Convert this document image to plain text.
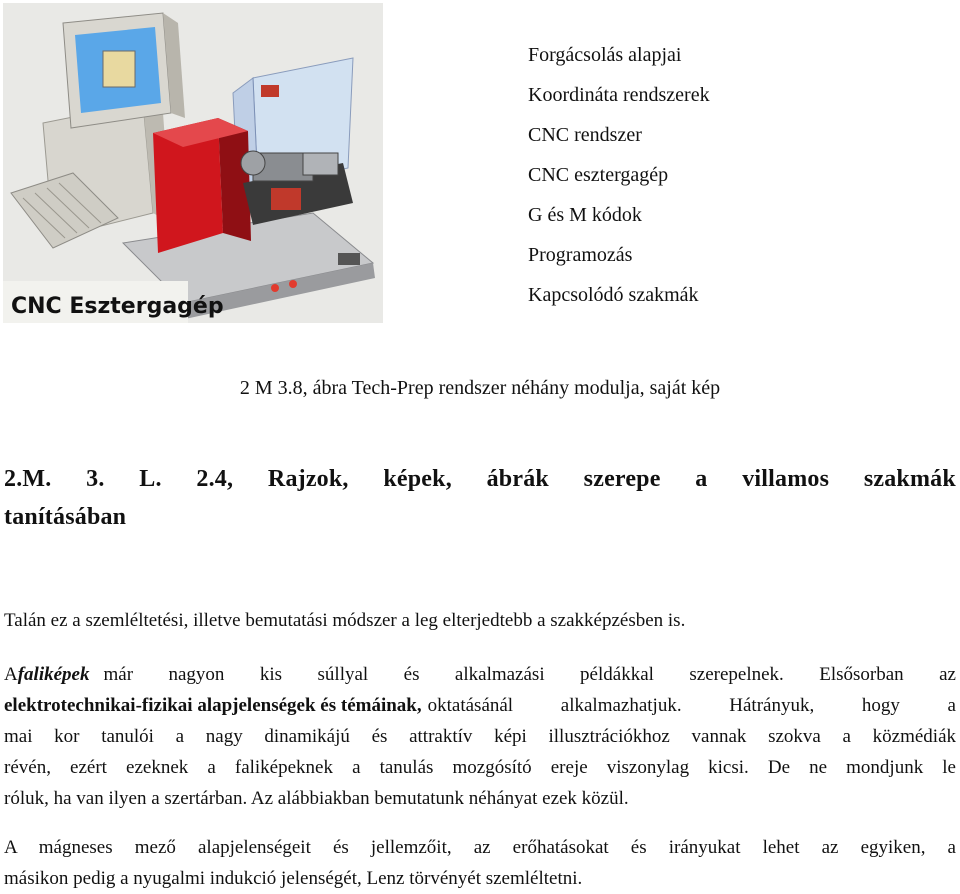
CNC Esztergagép
Forgácsolás alapjai
Koordináta rendszerek
CNC rendszer
CNC esztergagép
G és M kódok
Programozás
Kapcsolódó szakmák
2 M 3.8, ábra Tech-Prep rendszer néhány modulja, saját kép
2.M. 3. L. 2.4, Rajzok, képek, ábrák szerepe a villamos szakmák
tanításában
Talán ez a szemléltetési, illetve bemutatási módszer a leg elterjedtebb a szakképzésben is.
A faliképek már nagyon kis súllyal és alkalmazási példákkal szerepelnek. Elsősorban az
elektrotechnikai-fizikai alapjelenségek és témáinak, oktatásánál alkalmazhatjuk. Hátrányuk, hogy a
mai kor tanulói a nagy dinamikájú és attraktív képi illusztrációkhoz vannak szokva a közmédiák
révén, ezért ezeknek a faliképeknek a tanulás mozgósító ereje viszonylag kicsi. De ne mondjunk le
róluk, ha van ilyen a szertárban. Az alábbiakban bemutatunk néhányat ezek közül.
A mágneses mező alapjelenségeit és jellemzőit, az erőhatásokat és irányukat lehet az egyiken, a
másikon pedig a nyugalmi indukció jelenségét, Lenz törvényét szemléltetni.
